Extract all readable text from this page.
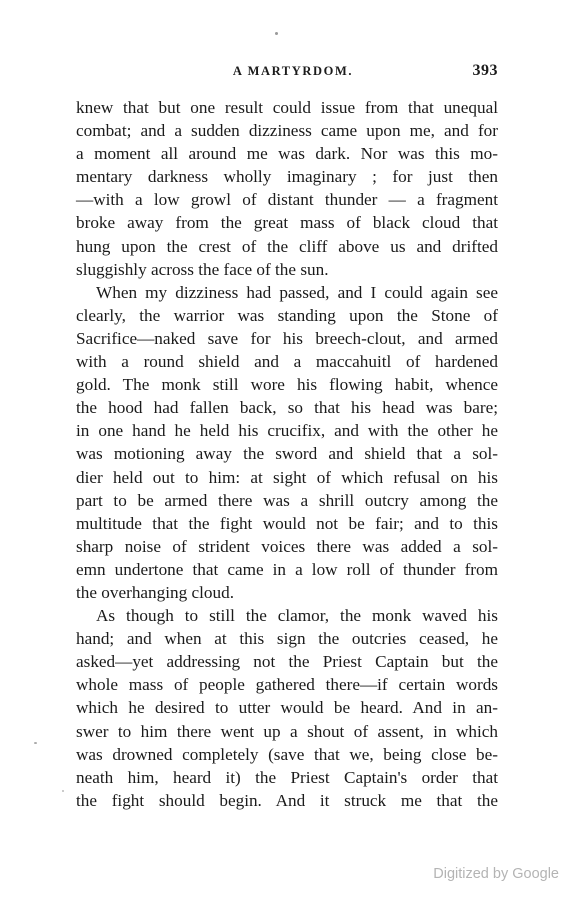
A MARTYRDOM.	393
knew that but one result could issue from that unequal
combat; and a sudden dizziness came upon me, and for
a moment all around me was dark. Nor was this mo-
mentary darkness wholly imaginary ; for just then
—with a low growl of distant thunder — a fragment
broke away from the great mass of black cloud that
hung upon the crest of the cliff above us and drifted
sluggishly across the face of the sun.
When my dizziness had passed, and I could again see
clearly, the warrior was standing upon the Stone of
Sacrifice—naked save for his breech-clout, and armed
with a round shield and a maccahuitl of hardened
gold. The monk still wore his flowing habit, whence
the hood had fallen back, so that his head was bare;
in one hand he held his crucifix, and with the other he
was motioning away the sword and shield that a sol-
dier held out to him: at sight of which refusal on his
part to be armed there was a shrill outcry among the
multitude that the fight would not be fair; and to this
sharp noise of strident voices there was added a sol-
emn undertone that came in a low roll of thunder from
the overhanging cloud.
As though to still the clamor, the monk waved his
hand; and when at this sign the outcries ceased, he
asked—yet addressing not the Priest Captain but the
whole mass of people gathered there—if certain words
which he desired to utter would be heard. And in an-
swer to him there went up a shout of assent, in which
was drowned completely (save that we, being close be-
neath him, heard it) the Priest Captain's order that
the fight should begin. And it struck me that the
Digitized by Google
